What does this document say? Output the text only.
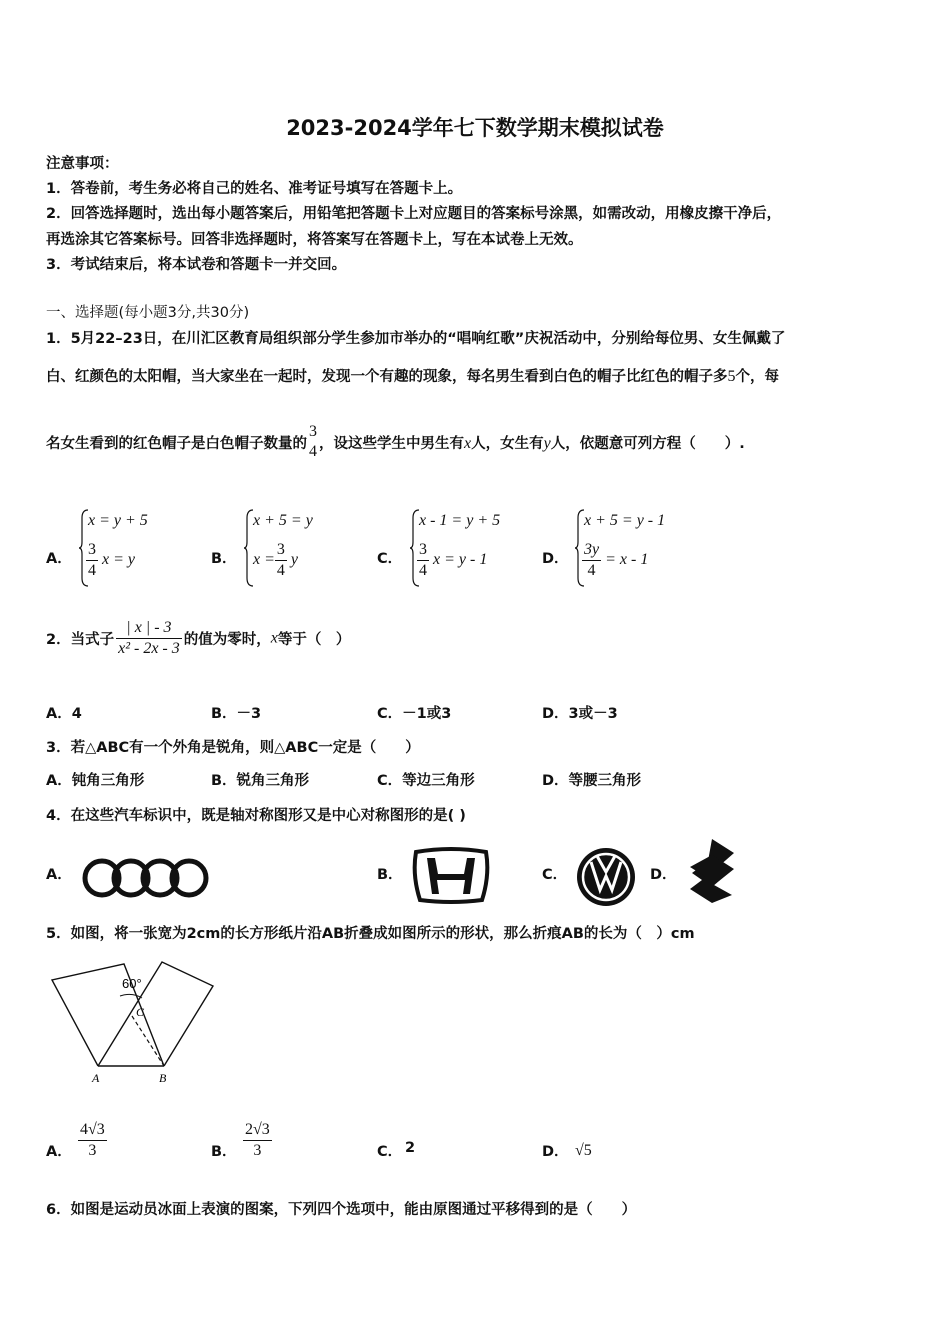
2023-2024学年七下数学期末模拟试卷
注意事项：
1．答卷前，考生务必将自己的姓名、准考证号填写在答题卡上。
2．回答选择题时，选出每小题答案后，用铅笔把答题卡上对应题目的答案标号涂黑，如需改动，用橡皮擦干净后，
再选涂其它答案标号。回答非选择题时，将答案写在答题卡上，写在本试卷上无效。
3．考试结束后，将本试卷和答题卡一并交回。
一、选择题(每小题3分,共30分)
1．5月22–23日，在川汇区教育局组织部分学生参加市举办的“唱响红歌”庆祝活动中，分别给每位男、女生佩戴了
白、红颜色的太阳帽，当大家坐在一起时，发现一个有趣的现象，每名男生看到白色的帽子比红色的帽子多5个，每
名女生看到的红色帽子是白色帽子数量的
3
4 ，设这些学生中男生有x人，女生有y人，依题意可列方程（　　）.
A．
x = y + 5
$\frac{3}{4}$ x = y	B．
x + 5 = y
$x = \frac{3}{4}$ y	C．
x - 1 = y + 5
$\frac{3}{4}$ x = y - 1	D．
x + 5 = y - 1
$\frac{3y}{4} = x - 1$
2．当式子 $\frac{| x | - 3}{\text{x² - 2x - 3}}$ 的值为零时，x等于（　）
A．4	B．－3	C．－1或3	D．3或－3
3．若△ABC有一个外角是锐角，则△ABC一定是（　　）
A．钝角三角形	B．锐角三角形	C．等边三角形	D．等腰三角形
4．在这些汽车标识中，既是轴对称图形又是中心对称图形的是( )
A．	B．	C．	D．
5．如图，将一张宽为2cm的长方形纸片沿AB折叠成如图所示的形状，那么折痕AB的长为（　）cm
60°
C
A	B
A． $\frac{4√3}{3}$	B． $\frac{2√3}{3}$	C． 2	D． √5
6．如图是运动员冰面上表演的图案，下列四个选项中，能由原图通过平移得到的是（　　）
